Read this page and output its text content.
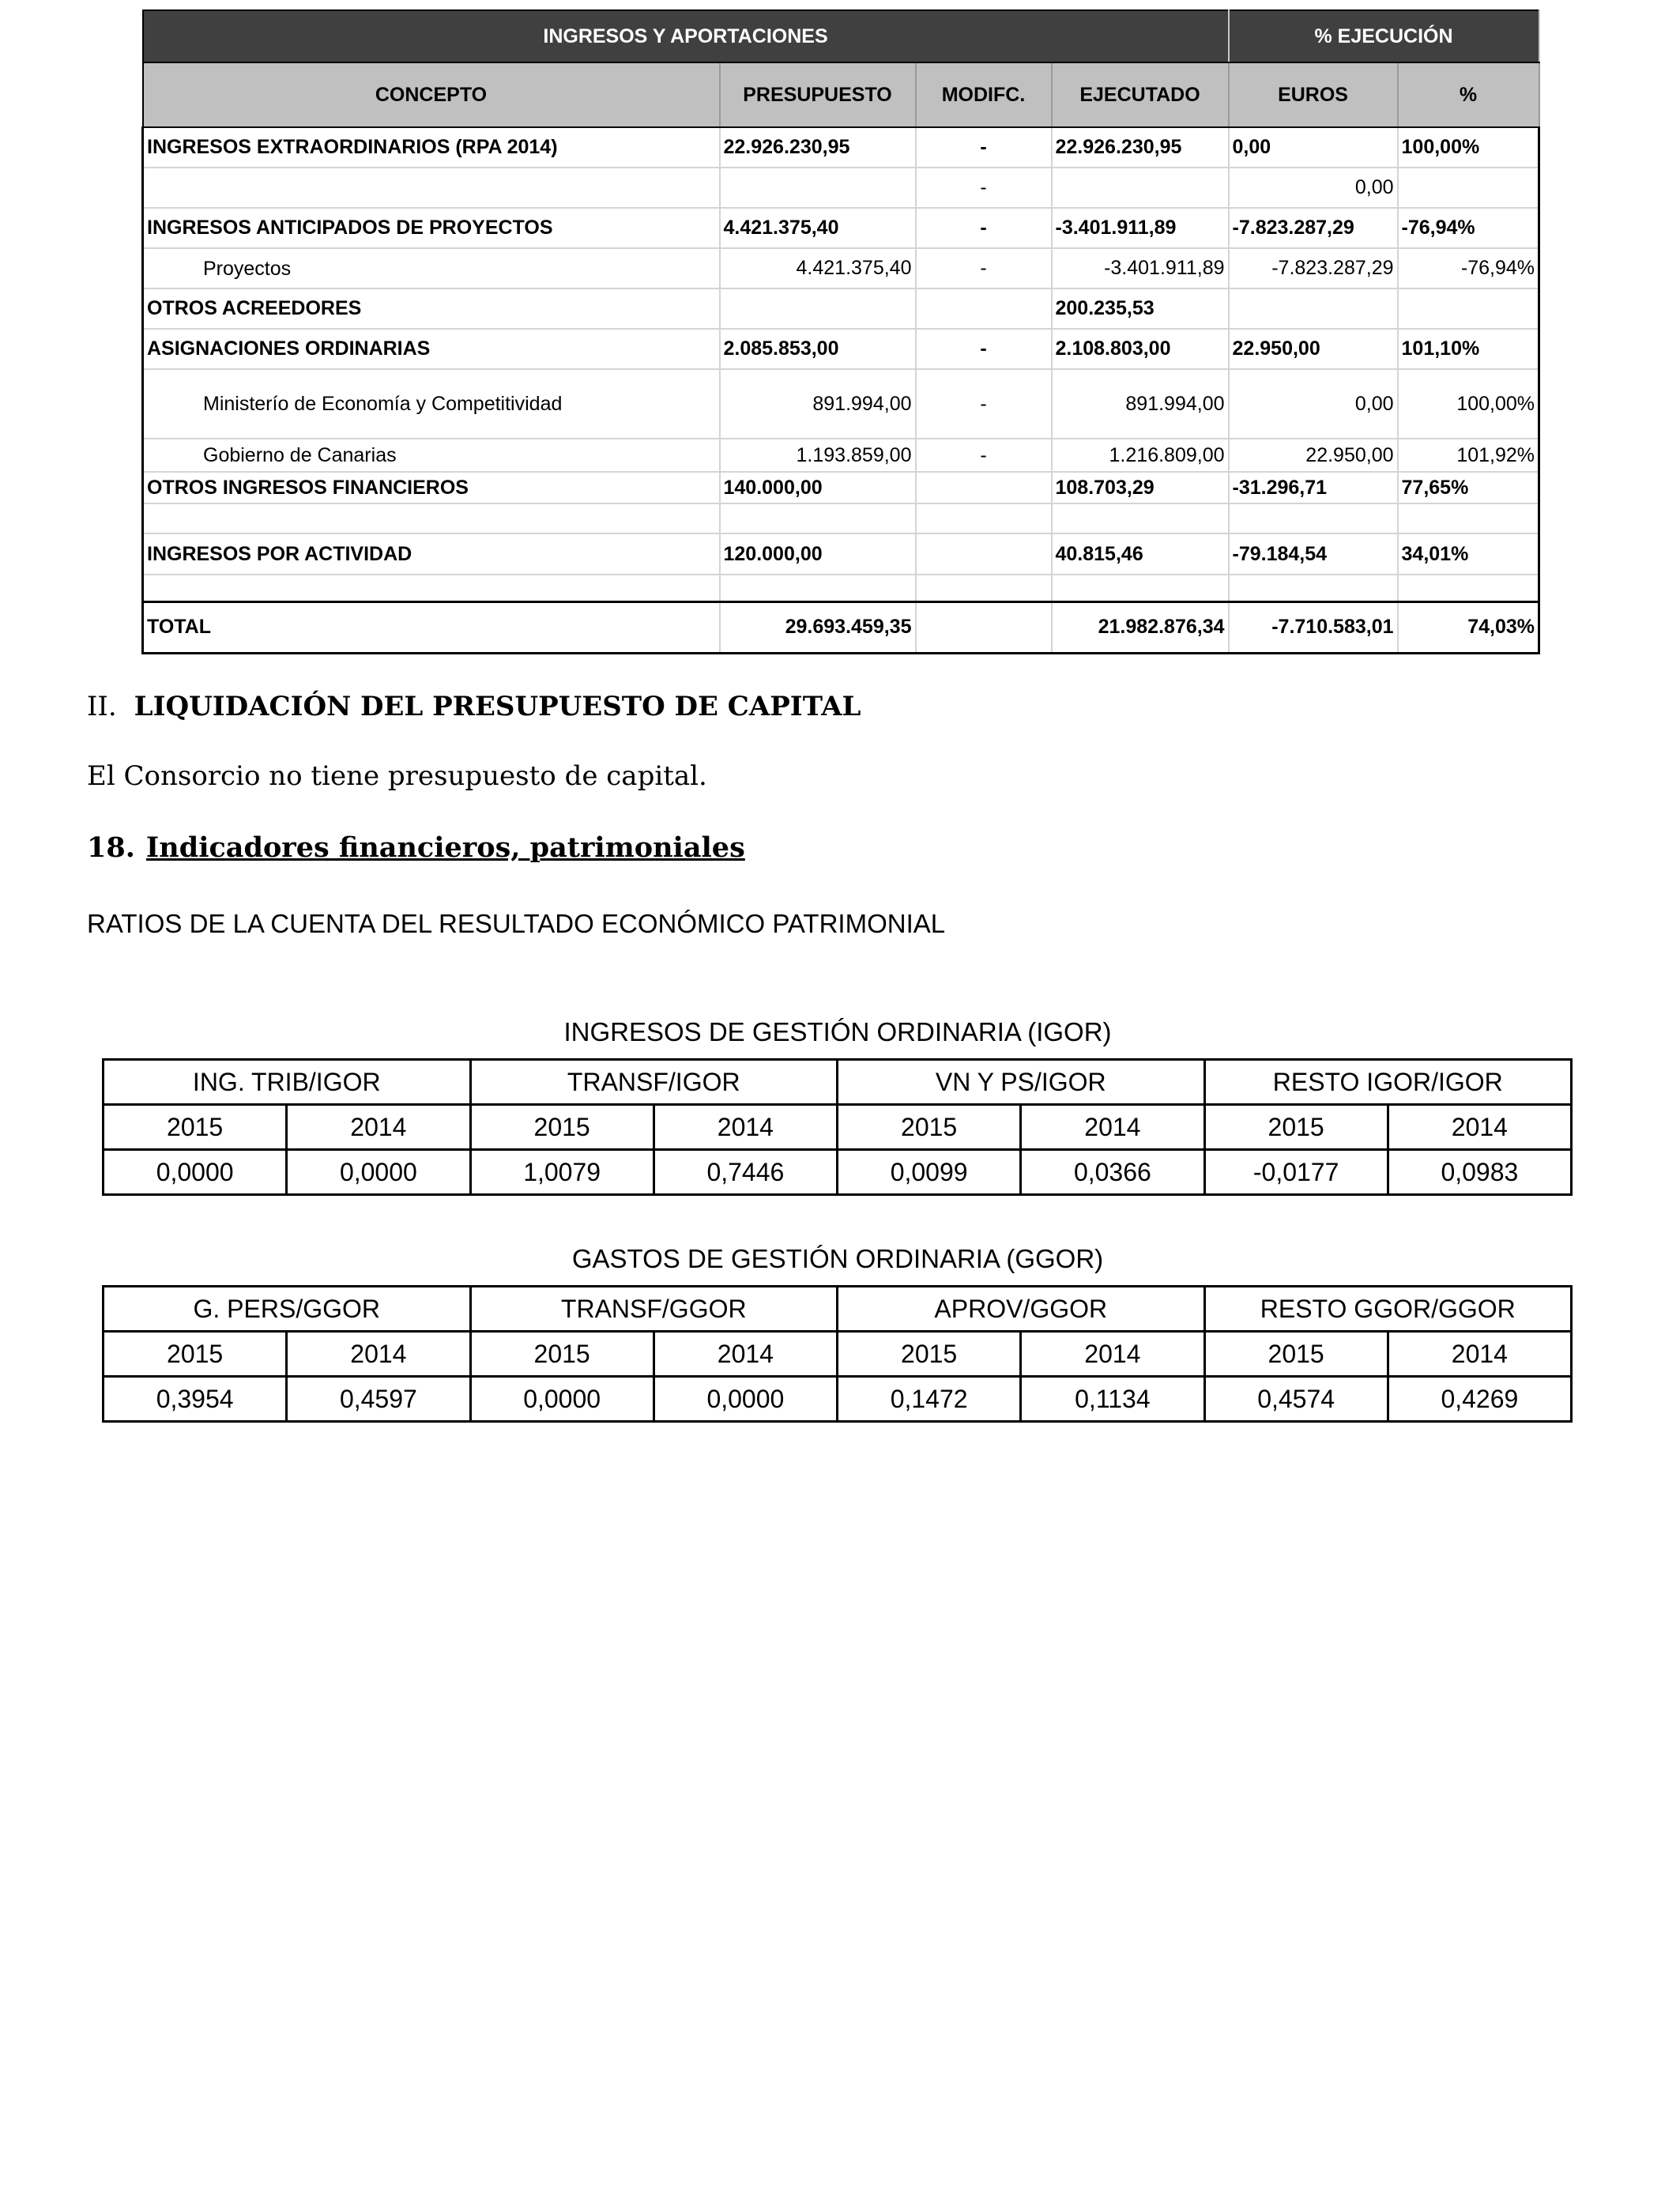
INGRESOS Y APORTACIONES				% EJECUCIÓN	
CONCEPTO	PRESUPUESTO	MODIFC.	EJECUTADO	EUROS	%
INGRESOS EXTRAORDINARIOS (RPA 2014)	22.926.230,95	-	22.926.230,95	0,00	100,00%
		-		0,00	
INGRESOS ANTICIPADOS DE PROYECTOS	4.421.375,40	-	-3.401.911,89	-7.823.287,29	-76,94%
Proyectos	4.421.375,40	-	-3.401.911,89	-7.823.287,29	-76,94%
OTROS ACREEDORES			200.235,53		
ASIGNACIONES ORDINARIAS	2.085.853,00	-	2.108.803,00	22.950,00	101,10%
Ministerío de Economía y Competitividad	891.994,00	-	891.994,00	0,00	100,00%
Gobierno de Canarias	1.193.859,00	-	1.216.809,00	22.950,00	101,92%
OTROS INGRESOS FINANCIEROS	140.000,00		108.703,29	-31.296,71	77,65%

INGRESOS POR ACTIVIDAD	120.000,00		40.815,46	-79.184,54	34,01%

TOTAL	29.693.459,35		21.982.876,34	-7.710.583,01	74,03%
II. LIQUIDACIÓN DEL PRESUPUESTO DE CAPITAL
El Consorcio no tiene presupuesto de capital.
18. Indicadores financieros, patrimoniales
RATIOS DE LA CUENTA DEL RESULTADO ECONÓMICO PATRIMONIAL
INGRESOS DE GESTIÓN ORDINARIA (IGOR)
ING. TRIB/IGOR		TRANSF/IGOR		VN Y PS/IGOR		RESTO IGOR/IGOR	
2015	2014	2015	2014	2015	2014	2015	2014
0,0000	0,0000	1,0079	0,7446	0,0099	0,0366	-0,0177	0,0983
GASTOS DE GESTIÓN ORDINARIA (GGOR)
G. PERS/GGOR		TRANSF/GGOR		APROV/GGOR		RESTO GGOR/GGOR	
2015	2014	2015	2014	2015	2014	2015	2014
0,3954	0,4597	0,0000	0,0000	0,1472	0,1134	0,4574	0,4269
